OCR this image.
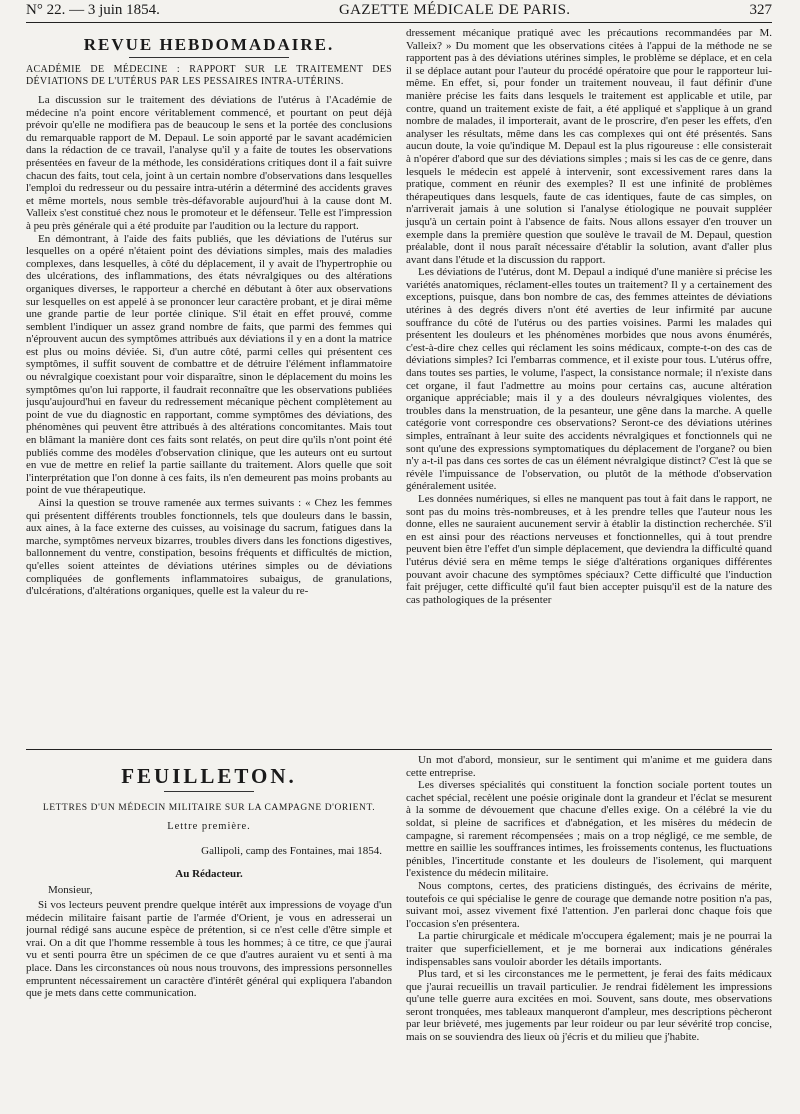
N° 22. — 3 juin 1854.	GAZETTE MÉDICALE DE PARIS.	327
REVUE HEBDOMADAIRE.

ACADÉMIE DE MÉDECINE : RAPPORT SUR LE TRAITEMENT DES DÉVIATIONS DE L'UTÉRUS PAR LES PESSAIRES INTRA-UTÉRINS.

La discussion sur le traitement des déviations de l'utérus à l'Académie de médecine n'a point encore véritablement commencé, et pourtant on peut déjà prévoir qu'elle ne modifiera pas de beaucoup le sens et la portée des conclusions du remarquable rapport de M. Depaul. Le soin apporté par le savant académicien dans la rédaction de ce travail, l'analyse qu'il y a faite de toutes les observations présentées en faveur de la méthode, les considérations critiques dont il a fait suivre chacun des faits, tout cela, joint à un certain nombre d'observations dans lesquelles l'emploi du redresseur ou du pessaire intra-utérin a déterminé des accidents graves et même mortels, nous semble très-défavorable aujourd'hui à la cause dont M. Valleix s'est constitué chez nous le promoteur et le défenseur. Telle est l'impression à peu près générale qui a été produite par l'audition ou la lecture du rapport.

En démontrant, à l'aide des faits publiés, que les déviations de l'utérus sur lesquelles on a opéré n'étaient point des déviations simples, mais des maladies complexes, dans lesquelles, à côté du déplacement, il y avait de l'hypertrophie ou des ulcérations, des inflammations, des états névralgiques ou des altérations organiques diverses, le rapporteur a cherché en débutant à ôter aux observations sur lesquelles on est appelé à se prononcer leur caractère probant, et je dirai même une grande partie de leur portée clinique. S'il était en effet prouvé, comme semblent l'indiquer un assez grand nombre de faits, que parmi des femmes qui n'éprouvent aucun des symptômes attribués aux déviations il y en a dont la matrice est plus ou moins déviée. Si, d'un autre côté, parmi celles qui présentent ces symptômes, il suffit souvent de combattre et de détruire l'élément inflammatoire ou névralgique coexistant pour voir disparaître, sinon le déplacement du moins les symptômes qu'on lui rapporte, il faudrait reconnaître que les observations publiées jusqu'aujourd'hui en faveur du redressement mécanique pèchent complètement au point de vue du diagnostic en rapportant, comme symptômes des déviations, des phénomènes qui peuvent être attribués à des altérations concomitantes. Mais tout en blâmant la manière dont ces faits sont relatés, on peut dire qu'ils n'ont point été publiés comme des modèles d'observation clinique, que les auteurs ont eu surtout en vue de mettre en relief la partie saillante du traitement. Alors quelle que soit l'interprétation que l'on donne à ces faits, ils n'en demeurent pas moins probants au point de vue thérapeutique.

Ainsi la question se trouve ramenée aux termes suivants : « Chez les femmes qui présentent différents troubles fonctionnels, tels que douleurs dans le bassin, aux aines, à la face externe des cuisses, au voisinage du sacrum, fatigues dans la marche, symptômes nerveux bizarres, troubles divers dans les fonctions digestives, ballonnement du ventre, constipation, besoins fréquents et difficultés de miction, qu'elles soient atteintes de déviations utérines simples ou de déviations compliquées de gonflements inflammatoires subaigus, de granulations, d'ulcérations, d'altérations organiques, quelle est la valeur du re-

dressement mécanique pratiqué avec les précautions recommandées par M. Valleix? » Du moment que les observations citées à l'appui de la méthode ne se rapportent pas à des déviations utérines simples, le problème se déplace, et en cela il se déplace autant pour l'auteur du procédé opératoire que pour le rapporteur lui-même. En effet, si, pour fonder un traitement nouveau, il faut définir d'une manière précise les faits dans lesquels le traitement est applicable et utile, par contre, quand un traitement existe de fait, a été appliqué et s'applique à un grand nombre de malades, il importerait, avant de le proscrire, d'en peser les effets, d'en analyser les résultats, même dans les cas complexes qui ont été présentés. Sans aucun doute, la voie qu'indique M. Depaul est la plus rigoureuse : elle consisterait à n'opérer d'abord que sur des déviations simples ; mais si les cas de ce genre, dans lesquels le médecin est appelé à intervenir, sont excessivement rares dans la pratique, comment en réunir des exemples? Il est une infinité de problèmes thérapeutiques dans lesquels, faute de cas identiques, faute de cas simples, on n'arriverait jamais à une solution si l'analyse étiologique ne pouvait suppléer jusqu'à un certain point à l'absence de faits. Nous allons essayer d'en trouver un exemple dans la première question que soulève le travail de M. Depaul, question préalable, dont il nous paraît nécessaire d'établir la solution, avant d'aller plus avant dans l'étude et la discussion du rapport.

Les déviations de l'utérus, dont M. Depaul a indiqué d'une manière si précise les variétés anatomiques, réclament-elles toutes un traitement? Il y a certainement des exceptions, puisque, dans bon nombre de cas, des femmes atteintes de déviations utérines à des degrés divers n'ont été averties de leur infirmité par aucune souffrance du côté de l'utérus ou des parties voisines. Parmi les malades qui présentent les douleurs et les phénomènes morbides que nous avons énumérés, c'est-à-dire chez celles qui réclament les soins médicaux, compte-t-on des cas de déviations simples? Ici l'embarras commence, et il existe pour tous. L'utérus offre, dans toutes ses parties, le volume, l'aspect, la consistance normale; il n'existe dans cet organe, il faut l'admettre au moins pour certains cas, aucune altération organique appréciable; mais il y a des douleurs névralgiques violentes, des troubles dans la menstruation, de la pesanteur, une gêne dans la marche. A quelle catégorie vont correspondre ces observations? Seront-ce des déviations utérines simples, entraînant à leur suite des accidents névralgiques et fonctionnels qui ne sont qu'une des expressions symptomatiques du déplacement de l'organe? ou bien n'y a-t-il pas dans ces sortes de cas un élément névralgique distinct? C'est là que se révèle l'impuissance de l'observation, ou plutôt de la méthode d'observation généralement usitée.

Les données numériques, si elles ne manquent pas tout à fait dans le rapport, ne sont pas du moins très-nombreuses, et à les prendre telles que l'auteur nous les donne, elles ne sauraient aucunement servir à établir la distinction recherchée. S'il en est ainsi pour des réactions nerveuses et fonctionnelles, qui à tout prendre peuvent bien être l'effet d'un simple déplacement, que deviendra la difficulté quand l'utérus dévié sera en même temps le siége d'altérations organiques différentes pouvant avoir chacune des symptômes spéciaux? Cette difficulté que l'induction fait préjuger, cette difficulté qu'il faut bien accepter puisqu'il est de la nature des cas pathologiques de la présenter

FEUILLETON.

LETTRES D'UN MÉDECIN MILITAIRE SUR LA CAMPAGNE D'ORIENT.

Lettre première.

Gallipoli, camp des Fontaines, mai 1854.

Au Rédacteur.

Monsieur,

Si vos lecteurs peuvent prendre quelque intérêt aux impressions de voyage d'un médecin militaire faisant partie de l'armée d'Orient, je vous en adresserai un journal rédigé sans aucune espèce de prétention, si ce n'est celle d'être simple et vrai. On a dit que l'homme ressemble à tous les hommes; à ce titre, ce que j'aurai vu et senti pourra être un spécimen de ce que d'autres auraient vu et senti à ma place. Dans les circonstances où nous nous trouvons, des impressions personnelles empruntent nécessairement un caractère d'intérêt général qui expliquera l'abandon que je mets dans cette communication.

Un mot d'abord, monsieur, sur le sentiment qui m'anime et me guidera dans cette entreprise.

Les diverses spécialités qui constituent la fonction sociale portent toutes un cachet spécial, recèlent une poésie originale dont la grandeur et l'éclat se mesurent à la somme de dévouement que chacune d'elles exige. On a célébré la vie du soldat, si pleine de sacrifices et d'abnégation, et les misères du médecin de campagne, si rarement récompensées ; mais on a trop négligé, ce me semble, de mettre en saillie les souffrances intimes, les froissements contenus, les fluctuations pénibles, l'incertitude constante et les douleurs de l'isolement, qui marquent l'existence du médecin militaire.

Nous comptons, certes, des praticiens distingués, des écrivains de mérite, toutefois ce qui spécialise le genre de courage que demande notre position n'a pas, suivant moi, assez vivement fixé l'attention. J'en parlerai donc chaque fois que l'occasion s'en présentera.

La partie chirurgicale et médicale m'occupera également; mais je ne pourrai la traiter que superficiellement, et je me bornerai aux indications générales indispensables sans vouloir aborder les détails importants.

Plus tard, et si les circonstances me le permettent, je ferai des faits médicaux que j'aurai recueillis un travail particulier. Je rendrai fidèlement les impressions qu'une telle guerre aura excitées en moi. Souvent, sans doute, mes observations seront tronquées, mes tableaux manqueront d'ampleur, mes descriptions pècheront par leur brièveté, mes jugements par leur roideur ou par leur sévérité trop concise, mais on se souviendra des lieux où j'écris et du milieu que j'habite.
